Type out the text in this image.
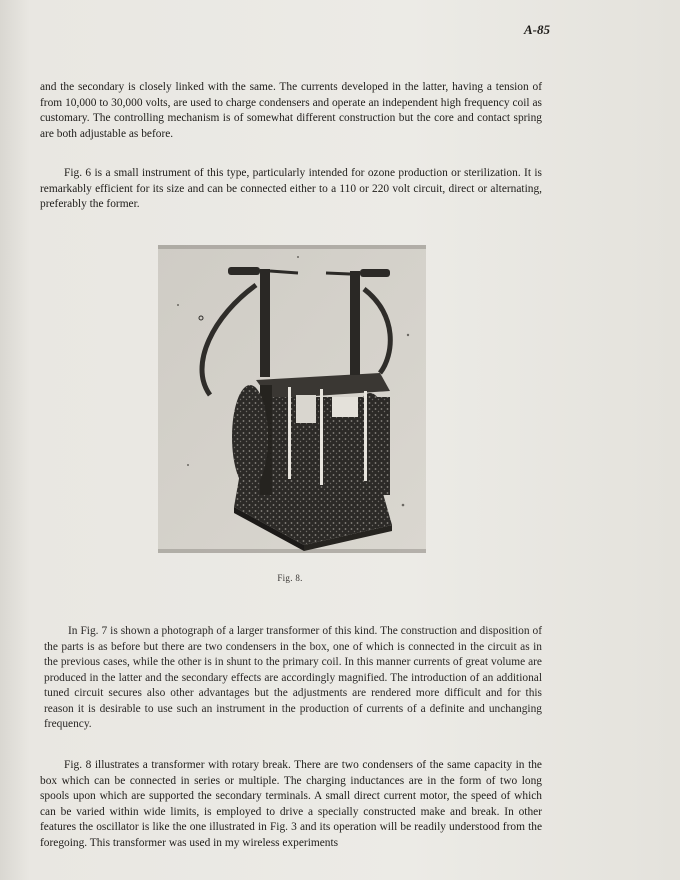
A-85

and the secondary is closely linked with the same. The currents developed in the latter, having a tension of from 10,000 to 30,000 volts, are used to charge condensers and operate an independent high frequency coil as customary. The controlling mechanism is of somewhat different construction but the core and contact spring are both adjustable as before.

Fig. 6 is a small instrument of this type, particularly intended for ozone production or sterilization. It is remarkably efficient for its size and can be connected either to a 110 or 220 volt circuit, direct or alternating, preferably the former.

Fig. 8.

In Fig. 7 is shown a photograph of a larger transformer of this kind. The construction and disposition of the parts is as before but there are two condensers in the box, one of which is connected in the circuit as in the previous cases, while the other is in shunt to the primary coil. In this manner currents of great volume are produced in the latter and the secondary effects are accordingly magnified. The introduction of an additional tuned circuit secures also other advantages but the adjustments are rendered more difficult and for this reason it is desirable to use such an instrument in the production of currents of a definite and unchanging frequency.

Fig. 8 illustrates a transformer with rotary break. There are two condensers of the same capacity in the box which can be connected in series or multiple. The charging inductances are in the form of two long spools upon which are supported the secondary terminals. A small direct current motor, the speed of which can be varied within wide limits, is employed to drive a specially constructed make and break. In other features the oscillator is like the one illustrated in Fig. 3 and its operation will be readily understood from the foregoing. This transformer was used in my wireless experiments
